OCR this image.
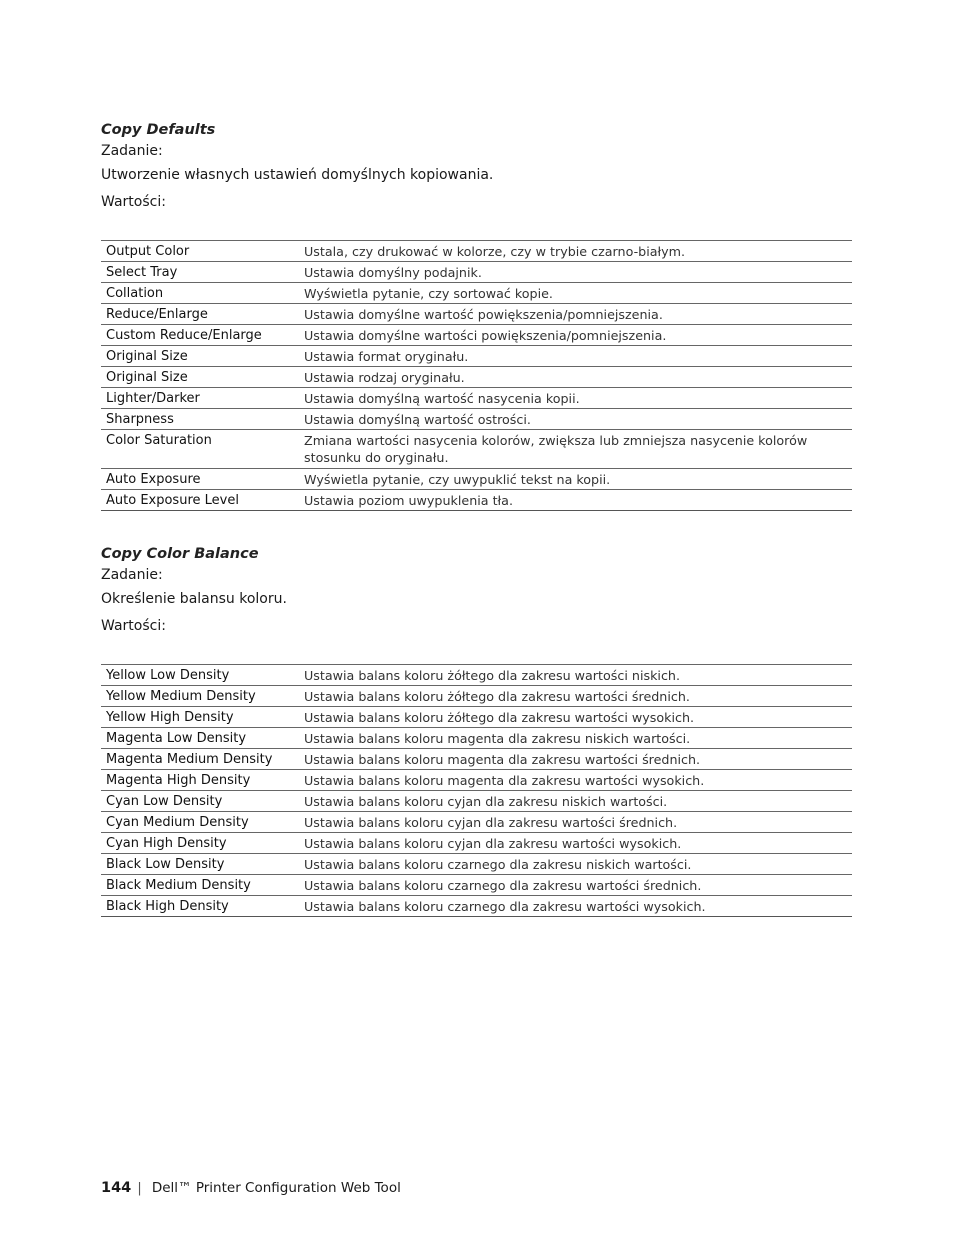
Copy Defaults
Zadanie:
Utworzenie własnych ustawień domyślnych kopiowania.
Wartości:
Output Color	Ustala, czy drukować w kolorze, czy w trybie czarno-białym.
Select Tray	Ustawia domyślny podajnik.
Collation	Wyświetla pytanie, czy sortować kopie.
Reduce/Enlarge	Ustawia domyślne wartość powiększenia/pomniejszenia.
Custom Reduce/Enlarge	Ustawia domyślne wartości powiększenia/pomniejszenia.
Original Size	Ustawia format oryginału.
Original Size	Ustawia rodzaj oryginału.
Lighter/Darker	Ustawia domyślną wartość nasycenia kopii.
Sharpness	Ustawia domyślną wartość ostrości.
Color Saturation	Zmiana wartości nasycenia kolorów, zwiększa lub zmniejsza nasycenie kolorów stosunku do oryginału.
Auto Exposure	Wyświetla pytanie, czy uwypuklić tekst na kopii.
Auto Exposure Level	Ustawia poziom uwypuklenia tła.
Copy Color Balance
Zadanie:
Określenie balansu koloru.
Wartości:
Yellow Low Density	Ustawia balans koloru żółtego dla zakresu wartości niskich.
Yellow Medium Density	Ustawia balans koloru żółtego dla zakresu wartości średnich.
Yellow High Density	Ustawia balans koloru żółtego dla zakresu wartości wysokich.
Magenta Low Density	Ustawia balans koloru magenta dla zakresu niskich wartości.
Magenta Medium Density	Ustawia balans koloru magenta dla zakresu wartości średnich.
Magenta High Density	Ustawia balans koloru magenta dla zakresu wartości wysokich.
Cyan Low Density	Ustawia balans koloru cyjan dla zakresu niskich wartości.
Cyan Medium Density	Ustawia balans koloru cyjan dla zakresu wartości średnich.
Cyan High Density	Ustawia balans koloru cyjan dla zakresu wartości wysokich.
Black Low Density	Ustawia balans koloru czarnego dla zakresu niskich wartości.
Black Medium Density	Ustawia balans koloru czarnego dla zakresu wartości średnich.
Black High Density	Ustawia balans koloru czarnego dla zakresu wartości wysokich.
144 | Dell™ Printer Configuration Web Tool
